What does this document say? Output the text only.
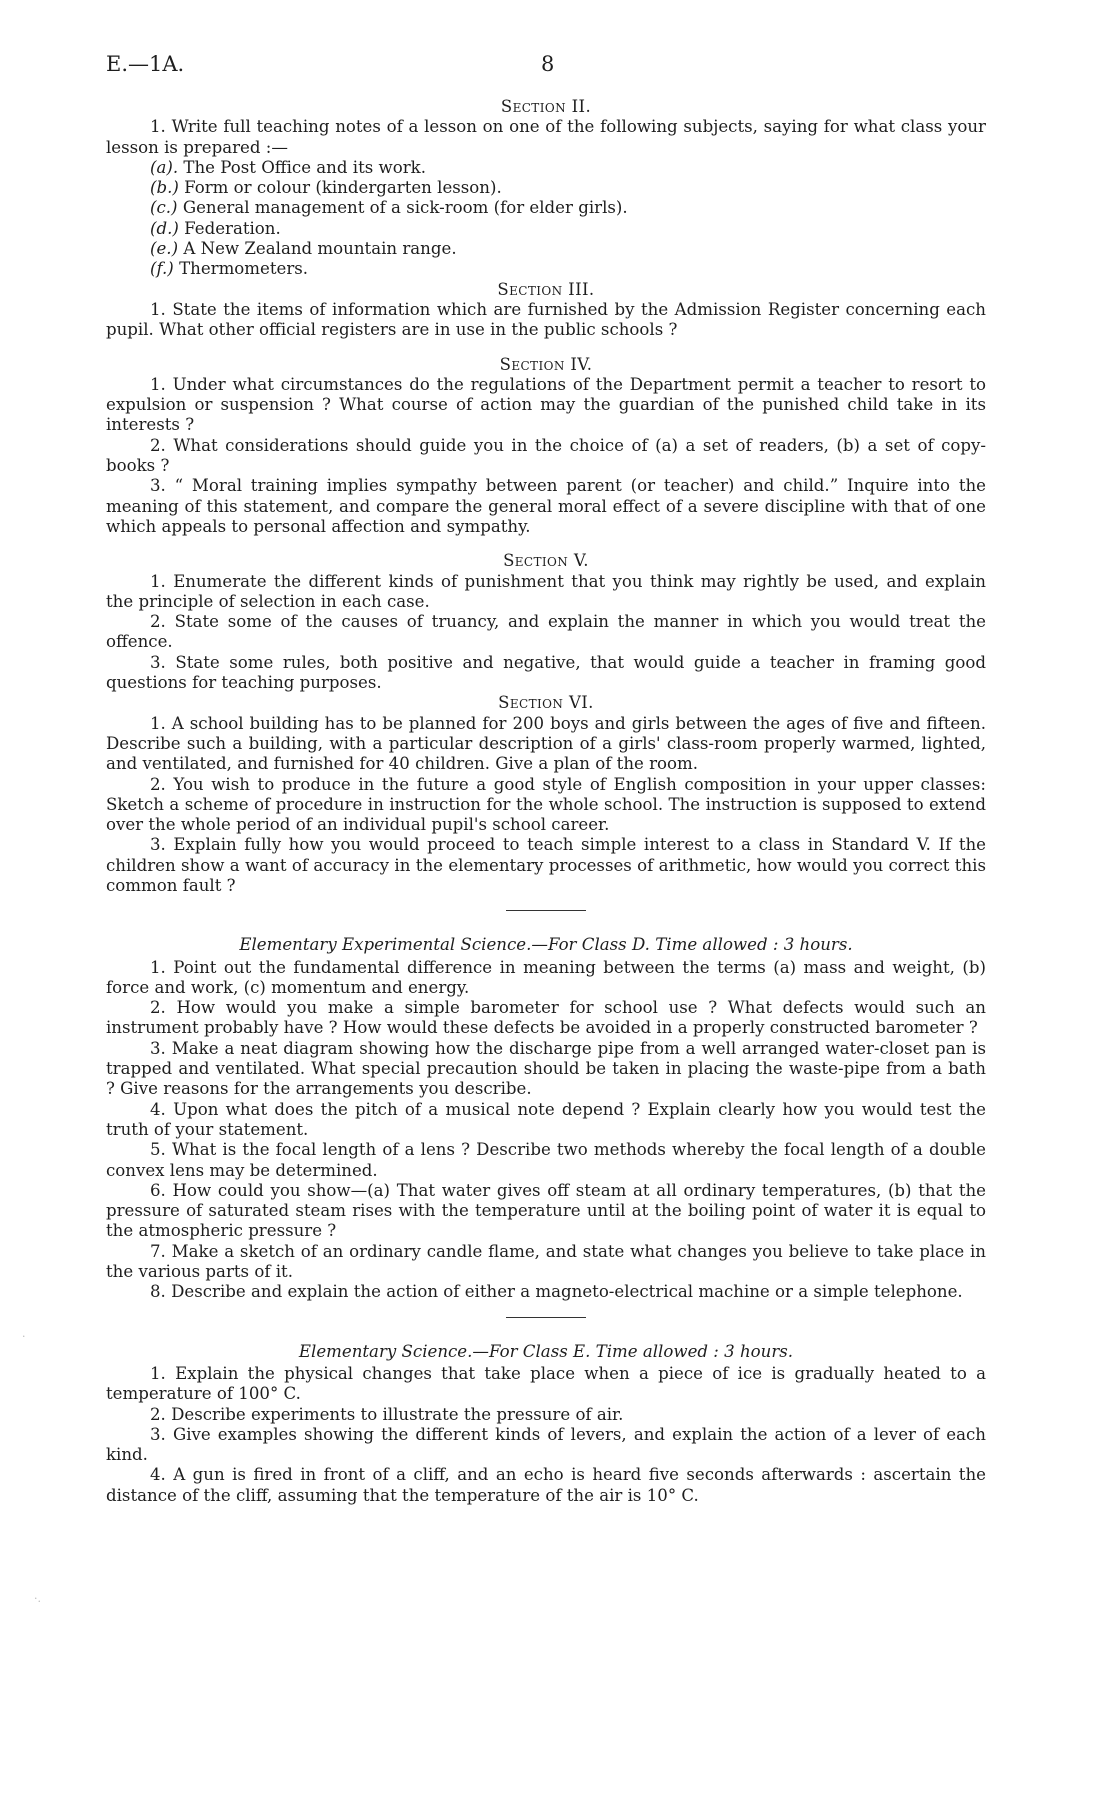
E.—1A.	8

Section II.

1. Write full teaching notes of a lesson on one of the following subjects, saying for what class your lesson is prepared :—

(a). The Post Office and its work.

(b.) Form or colour (kindergarten lesson).

(c.) General management of a sick-room (for elder girls).

(d.) Federation.

(e.) A New Zealand mountain range.

(f.) Thermometers.

Section III.

1. State the items of information which are furnished by the Admission Register concerning each pupil. What other official registers are in use in the public schools ?

Section IV.

1. Under what circumstances do the regulations of the Department permit a teacher to resort to expulsion or suspension ? What course of action may the guardian of the punished child take in its interests ?

2. What considerations should guide you in the choice of (a) a set of readers, (b) a set of copy-books ?

3. “ Moral training implies sympathy between parent (or teacher) and child.” Inquire into the meaning of this statement, and compare the general moral effect of a severe discipline with that of one which appeals to personal affection and sympathy.

Section V.

1. Enumerate the different kinds of punishment that you think may rightly be used, and explain the principle of selection in each case.

2. State some of the causes of truancy, and explain the manner in which you would treat the offence.

3. State some rules, both positive and negative, that would guide a teacher in framing good questions for teaching purposes.

Section VI.

1. A school building has to be planned for 200 boys and girls between the ages of five and fifteen. Describe such a building, with a particular description of a girls' class-room properly warmed, lighted, and ventilated, and furnished for 40 children. Give a plan of the room.

2. You wish to produce in the future a good style of English composition in your upper classes: Sketch a scheme of procedure in instruction for the whole school. The instruction is supposed to extend over the whole period of an individual pupil's school career.

3. Explain fully how you would proceed to teach simple interest to a class in Standard V. If the children show a want of accuracy in the elementary processes of arithmetic, how would you correct this common fault ?

Elementary Experimental Science.—For Class D. Time allowed : 3 hours.

1. Point out the fundamental difference in meaning between the terms (a) mass and weight, (b) force and work, (c) momentum and energy.

2. How would you make a simple barometer for school use ? What defects would such an instrument probably have ? How would these defects be avoided in a properly constructed barometer ?

3. Make a neat diagram showing how the discharge pipe from a well arranged water-closet pan is trapped and ventilated. What special precaution should be taken in placing the waste-pipe from a bath ? Give reasons for the arrangements you describe.

4. Upon what does the pitch of a musical note depend ? Explain clearly how you would test the truth of your statement.

5. What is the focal length of a lens ? Describe two methods whereby the focal length of a double convex lens may be determined.

6. How could you show—(a) That water gives off steam at all ordinary temperatures, (b) that the pressure of saturated steam rises with the temperature until at the boiling point of water it is equal to the atmospheric pressure ?

7. Make a sketch of an ordinary candle flame, and state what changes you believe to take place in the various parts of it.

8. Describe and explain the action of either a magneto-electrical machine or a simple telephone.

Elementary Science.—For Class E. Time allowed : 3 hours.

1. Explain the physical changes that take place when a piece of ice is gradually heated to a temperature of 100° C.

2. Describe experiments to illustrate the pressure of air.

3. Give examples showing the different kinds of levers, and explain the action of a lever of each kind.

4. A gun is fired in front of a cliff, and an echo is heard five seconds afterwards : ascertain the distance of the cliff, assuming that the temperature of the air is 10° C.

·.
·
